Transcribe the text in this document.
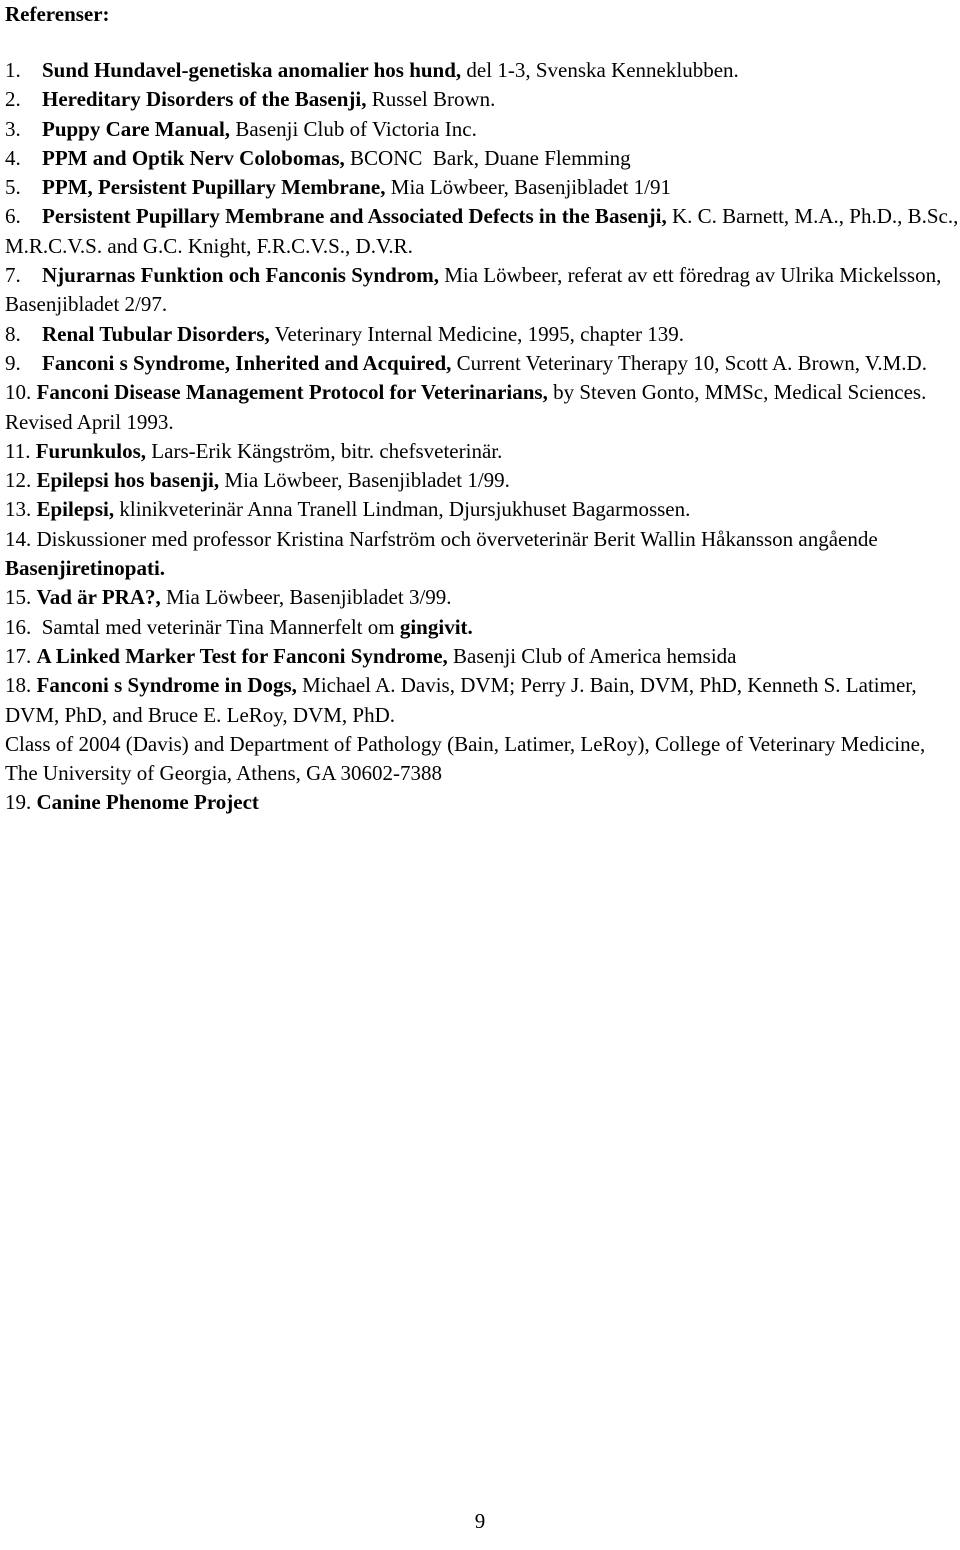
Referenser:

1. Sund Hundavel-genetiska anomalier hos hund, del 1-3, Svenska Kenneklubben.

2. Hereditary Disorders of the Basenji, Russel Brown.

3. Puppy Care Manual, Basenji Club of Victoria Inc.

4. PPM and Optik Nerv Colobomas, BCONC  Bark, Duane Flemming

5. PPM, Persistent Pupillary Membrane, Mia Löwbeer, Basenjibladet 1/91

6. Persistent Pupillary Membrane and Associated Defects in the Basenji, K. C. Barnett, M.A., Ph.D., B.Sc., M.R.C.V.S. and G.C. Knight, F.R.C.V.S., D.V.R.

7. Njurarnas Funktion och Fanconis Syndrom, Mia Löwbeer, referat av ett föredrag av Ulrika Mickelsson, Basenjibladet 2/97.

8. Renal Tubular Disorders, Veterinary Internal Medicine, 1995, chapter 139.

9. Fanconi s Syndrome, Inherited and Acquired, Current Veterinary Therapy 10, Scott A. Brown, V.M.D.

10. Fanconi Disease Management Protocol for Veterinarians, by Steven Gonto, MMSc, Medical Sciences. Revised April 1993.

11. Furunkulos, Lars-Erik Kängström, bitr. chefsveterinär.

12. Epilepsi hos basenji, Mia Löwbeer, Basenjibladet 1/99.

13. Epilepsi, klinikveterinär Anna Tranell Lindman, Djursjukhuset Bagarmossen.

14. Diskussioner med professor Kristina Narfström och överveterinär Berit Wallin Håkansson angående Basenjiretinopati.

15. Vad är PRA?, Mia Löwbeer, Basenjibladet 3/99.

16.  Samtal med veterinär Tina Mannerfelt om gingivit.

17. A Linked Marker Test for Fanconi Syndrome, Basenji Club of America hemsida

18. Fanconi s Syndrome in Dogs, Michael A. Davis, DVM; Perry J. Bain, DVM, PhD, Kenneth S. Latimer, DVM, PhD, and Bruce E. LeRoy, DVM, PhD.

Class of 2004 (Davis) and Department of Pathology (Bain, Latimer, LeRoy), College of Veterinary Medicine, The University of Georgia, Athens, GA 30602-7388

19. Canine Phenome Project

9
